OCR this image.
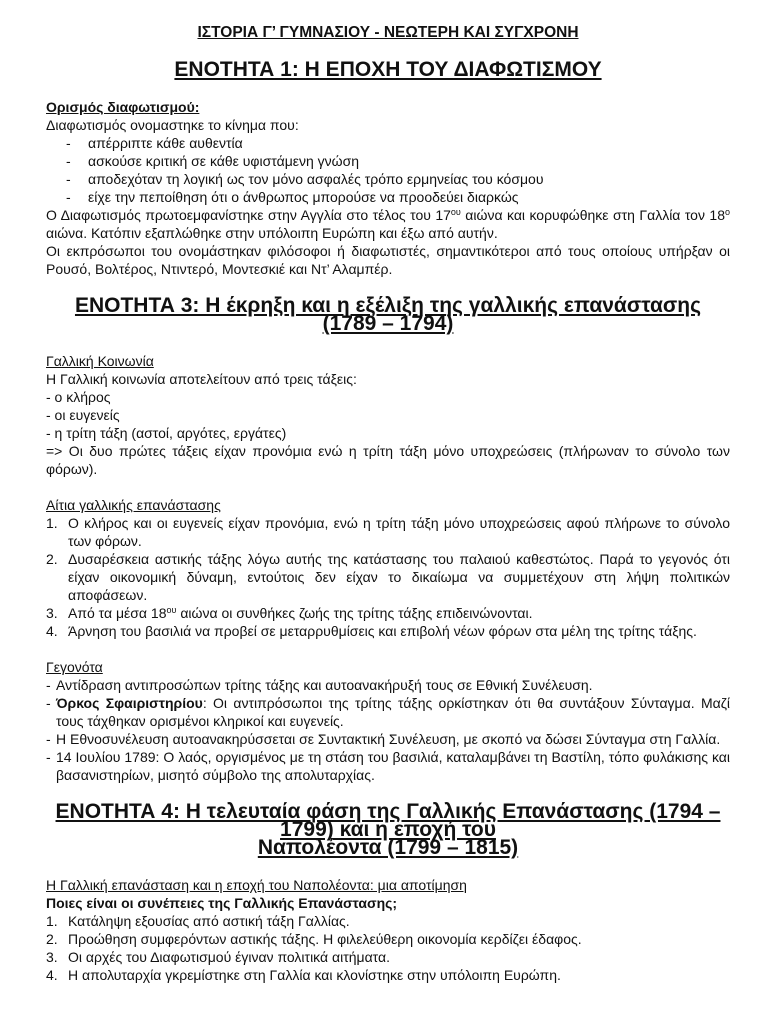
ΙΣΤΟΡΙΑ Γ’ ΓΥΜΝΑΣΙΟΥ - ΝΕΩΤΕΡΗ ΚΑΙ ΣΥΓΧΡΟΝΗ
ΕΝΟΤΗΤΑ 1: Η ΕΠΟΧΗ ΤΟΥ ΔΙΑΦΩΤΙΣΜΟΥ

Ορισμός διαφωτισμού:

Διαφωτισμός ονομαστηκε το κίνημα που:

- απέρριπτε κάθε αυθεντία
- ασκούσε κριτική σε κάθε υφιστάμενη γνώση
- αποδεχόταν τη λογική ως τον μόνο ασφαλές τρόπο ερμηνείας του κόσμου
- είχε την πεποίθηση ότι ο άνθρωπος μπορούσε να προοδεύει διαρκώς

Ο Διαφωτισμός πρωτοεμφανίστηκε στην Αγγλία στο τέλος του $17^{o\upsilon}$ αιώνα και κορυφώθηκε στη Γαλλία τον $18^o$ αιώνα. Κατόπιν εξαπλώθηκε στην υπόλοιπη Ευρώπη και έξω από αυτήν.

Οι εκπρόσωποι του ονομάστηκαν φιλόσοφοι ή διαφωτιστές, σημαντικότεροι από τους οποίους υπήρξαν οι Ρουσό, Βολτέρος, Ντιντερό, Μοντεσκιέ και Ντ’ Αλαμπέρ.

ΕΝΟΤΗΤΑ 3: Η έκρηξη και η εξέλιξη της γαλλικής επανάστασης (1789 – 1794)

Γαλλική Κοινωνία

Η Γαλλική κοινωνία αποτελείτουν από τρεις τάξεις:

- ο κλήρος

- οι ευγενείς

- η τρίτη τάξη (αστοί, αργότες, εργάτες)

=> Οι δυο πρώτες τάξεις είχαν προνόμια ενώ η τρίτη τάξη μόνο υποχρεώσεις (πλήρωναν το σύνολο των φόρων).

Αίτια γαλλικής επανάστασης

1. Ο κλήρος και οι ευγενείς είχαν προνόμια, ενώ η τρίτη τάξη μόνο υποχρεώσεις αφού πλήρωνε το σύνολο των φόρων.
2. Δυσαρέσκεια αστικής τάξης λόγω αυτής της κατάστασης του παλαιού καθεστώτος. Παρά το γεγονός ότι είχαν οικονομική δύναμη, εντούτοις δεν είχαν το δικαίωμα να συμμετέχουν στη λήψη πολιτικών αποφάσεων.
3. Από τα μέσα $18^{o\upsilon}$ αιώνα οι συνθήκες ζωής της τρίτης τάξης επιδεινώνονται.
4. Άρνηση του βασιλιά να προβεί σε μεταρρυθμίσεις και επιβολή νέων φόρων στα μέλη της τρίτης τάξης.

Γεγονότα

- Αντίδραση αντιπροσώπων τρίτης τάξης και αυτοανακήρυξή τους σε Εθνική Συνέλευση.
- Όρκος Σφαιριστηρίου: Οι αντιπρόσωποι της τρίτης τάξης ορκίστηκαν ότι θα συντάξουν Σύνταγμα. Μαζί τους τάχθηκαν ορισμένοι κληρικοί και ευγενείς.
- Η Εθνοσυνέλευση αυτοανακηρύσσεται σε Συντακτική Συνέλευση, με σκοπό να δώσει Σύνταγμα στη Γαλλία.
- 14 Ιουλίου 1789: Ο λαός, οργισμένος με τη στάση του βασιλιά, καταλαμβάνει τη Βαστίλη, τόπο φυλάκισης και βασανιστηρίων, μισητό σύμβολο της απολυταρχίας.
ΕΝΟΤΗΤΑ 4: Η τελευταία φάση της Γαλλικής Επανάστασης (1794 – 1799) και η εποχή του
Ναπολέοντα (1799 – 1815)

Η Γαλλική επανάσταση και η εποχή του Ναπολέοντα: μια αποτίμηση

Ποιες είναι οι συνέπειες της Γαλλικής Επανάστασης;

1. Κατάληψη εξουσίας από αστική τάξη Γαλλίας.
2. Προώθηση συμφερόντων αστικής τάξης. Η φιλελεύθερη οικονομία κερδίζει έδαφος.
3. Οι αρχές του Διαφωτισμού έγιναν πολιτικά αιτήματα.
4. Η απολυταρχία γκρεμίστηκε στη Γαλλία και κλονίστηκε στην υπόλοιπη Ευρώπη.
